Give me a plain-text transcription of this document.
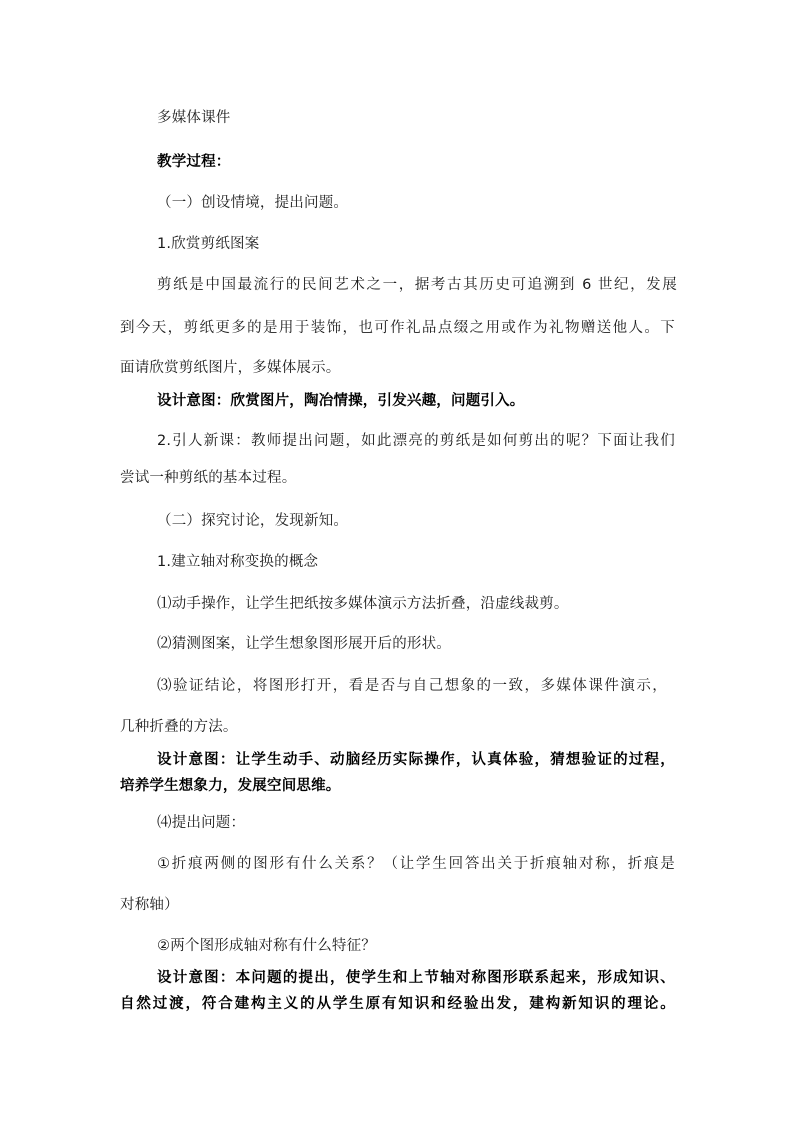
多媒体课件

教学过程：

（一）创设情境，提出问题。

1.欣赏剪纸图案

剪纸是中国最流行的民间艺术之一，据考古其历史可追溯到 6 世纪，发展

到今天，剪纸更多的是用于装饰，也可作礼品点缀之用或作为礼物赠送他人。下

面请欣赏剪纸图片，多媒体展示。

设计意图：欣赏图片，陶冶情操，引发兴趣，问题引入。

2.引人新课：教师提出问题，如此漂亮的剪纸是如何剪出的呢？下面让我们

尝试一种剪纸的基本过程。

（二）探究讨论，发现新知。

1.建立轴对称变换的概念

⑴动手操作，让学生把纸按多媒体演示方法折叠，沿虚线裁剪。

⑵猜测图案，让学生想象图形展开后的形状。

⑶验证结论，将图形打开，看是否与自己想象的一致，多媒体课件演示，

几种折叠的方法。

设计意图：让学生动手、动脑经历实际操作，认真体验，猜想验证的过程，

培养学生想象力，发展空间思维。

⑷提出问题：

①折痕两侧的图形有什么关系？（让学生回答出关于折痕轴对称，折痕是

对称轴）

②两个图形成轴对称有什么特征？

设计意图：本问题的提出，使学生和上节轴对称图形联系起来，形成知识、

自然过渡，符合建构主义的从学生原有知识和经验出发，建构新知识的理论。
